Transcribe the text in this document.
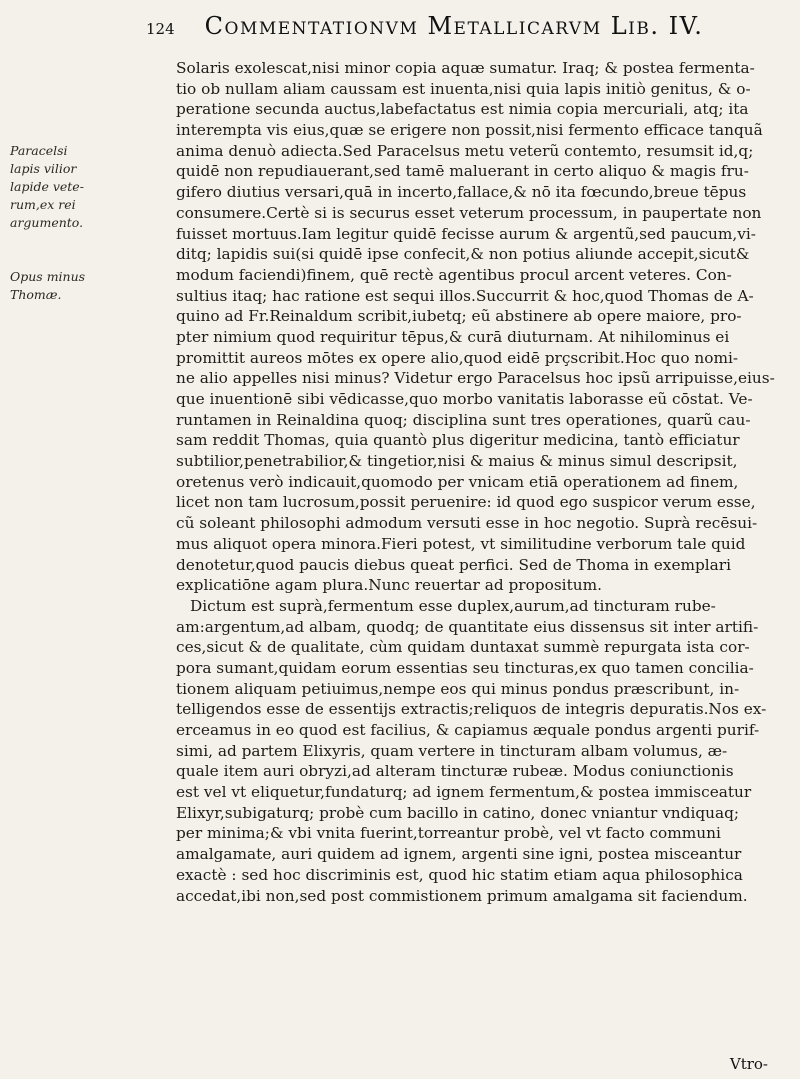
124 Commentationvm Metallicarvm Lib. IV.
Paracelsi lapis vilior lapide vete-rum,ex rei argumento.
Opus minus Thomæ.
Solaris exolescat,nisi minor copia aquæ sumatur. Iraq; & postea fermenta-
tio ob nullam aliam caussam est inuenta,nisi quia lapis initiò genitus, & o-
peratione secunda auctus,labefactatus est nimia copia mercuriali, atq; ita
interempta vis eius,quæ se erigere non possit,nisi fermento efficace tanquã
anima denuò adiecta.Sed Paracelsus metu veterũ contemto, resumsit id,q;
quidē non repudiauerant,sed tamē maluerant in certo aliquo & magis fru-
gifero diutius versari,quā in incerto,fallace,& nō ita fœcundo,breue tēpus
consumere.Certè si is securus esset veterum processum, in paupertate non
fuisset mortuus.Iam legitur quidē fecisse aurum & argentũ,sed paucum,vi-
ditq; lapidis sui(si quidē ipse confecit,& non potius aliunde accepit,sicut&
modum faciendi)finem, quē rectè agentibus procul arcent veteres. Con-
sultius itaq; hac ratione est sequi illos.Succurrit & hoc,quod Thomas de A-
quino ad Fr.Reinaldum scribit,iubetq; eũ abstinere ab opere maiore, pro-
pter nimium quod requiritur tēpus,& curā diuturnam. At nihilominus ei
promittit aureos mōtes ex opere alio,quod eidē prçscribit.Hoc quo nomi-
ne alio appelles nisi minus? Videtur ergo Paracelsus hoc ipsũ arripuisse,eius-
que inuentionē sibi vēdicasse,quo morbo vanitatis laborasse eũ cōstat. Ve-
runtamen in Reinaldina quoq; disciplina sunt tres operationes, quarũ cau-
sam reddit Thomas, quia quantò plus digeritur medicina, tantò efficiatur
subtilior,penetrabilior,& tingetior,nisi & maius & minus simul descripsit,
oretenus verò indicauit,quomodo per vnicam etiā operationem ad finem,
licet non tam lucrosum,possit peruenire: id quod ego suspicor verum esse,
cũ soleant philosophi admodum versuti esse in hoc negotio. Suprà recēsui-
mus aliquot opera minora.Fieri potest, vt similitudine verborum tale quid
denotetur,quod paucis diebus queat perfici. Sed de Thoma in exemplari
explicatiōne agam plura.Nunc reuertar ad propositum.
Dictum est suprà,fermentum esse duplex,aurum,ad tincturam rube-
am:argentum,ad albam, quodq; de quantitate eius dissensus sit inter artifi-
ces,sicut & de qualitate, cùm quidam duntaxat summè repurgata ista cor-
pora sumant,quidam eorum essentias seu tincturas,ex quo tamen concilia-
tionem aliquam petiuimus,nempe eos qui minus pondus præscribunt, in-
telligendos esse de essentijs extractis;reliquos de integris depuratis.Nos ex-
erceamus in eo quod est facilius, & capiamus æquale pondus argenti purif-
simi, ad partem Elixyris, quam vertere in tincturam albam volumus, æ-
quale item auri obryzi,ad alteram tincturæ rubeæ. Modus coniunctionis
est vel vt eliquetur,fundaturq; ad ignem fermentum,& postea immisceatur
Elixyr,subigaturq; probè cum bacillo in catino, donec vniantur vndiquaq;
per minima;& vbi vnita fuerint,torreantur probè, vel vt facto communi
amalgamate, auri quidem ad ignem, argenti sine igni, postea misceantur
exactè : sed hoc discriminis est, quod hic statim etiam aqua philosophica
accedat,ibi non,sed post commistionem primum amalgama sit faciendum.
Vtro-
